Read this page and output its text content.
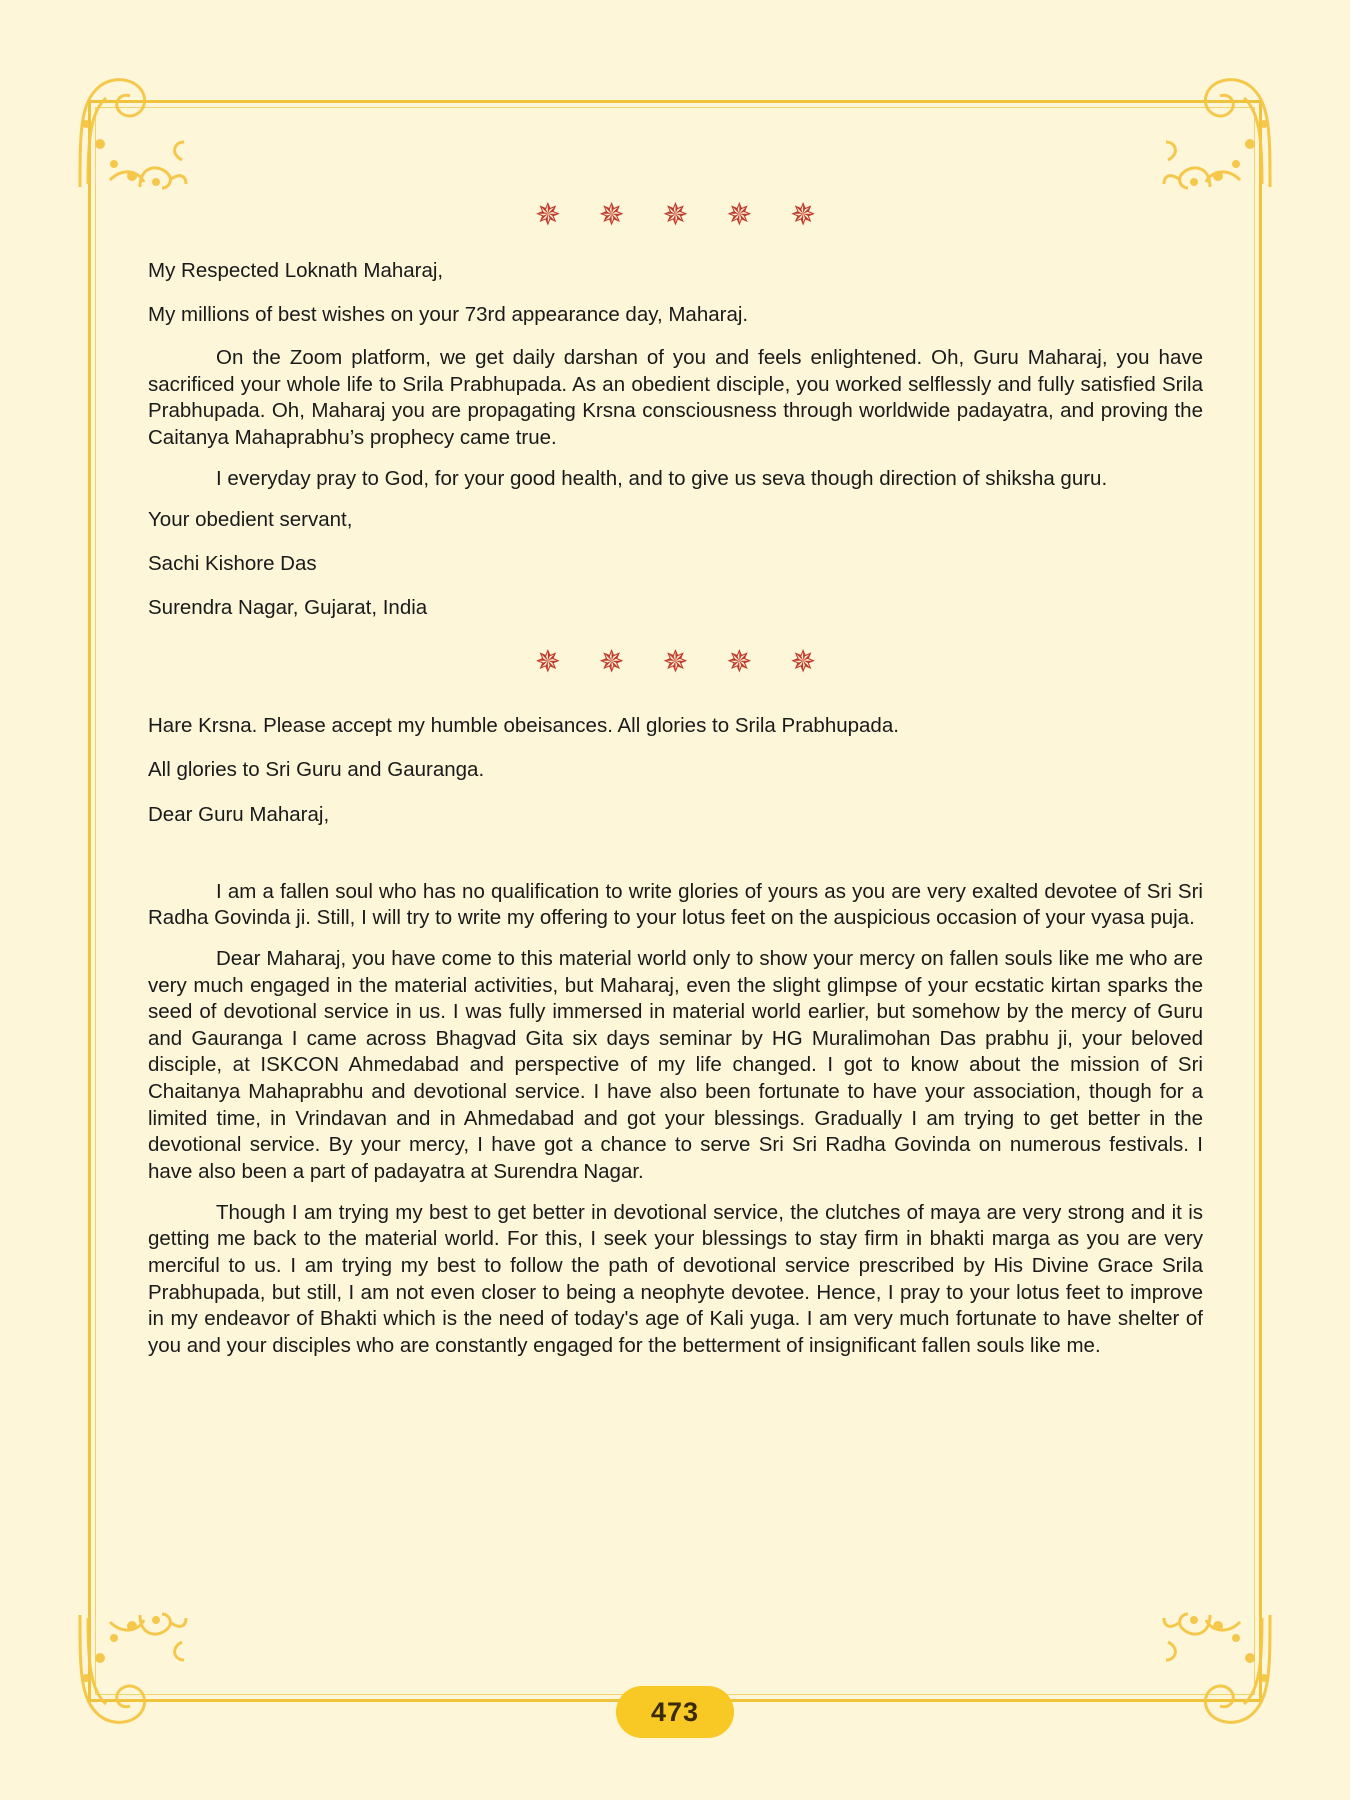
✵ ✵ ✵ ✵ ✵

My Respected Loknath Maharaj,

My millions of best wishes on your 73rd appearance day, Maharaj.

On the Zoom platform, we get daily darshan of you and feels enlightened. Oh, Guru Maharaj, you have sacrificed your whole life to Srila Prabhupada. As an obedient disciple, you worked selflessly and fully satisfied Srila Prabhupada. Oh, Maharaj you are propagating Krsna consciousness through worldwide padayatra, and proving the Caitanya Mahaprabhu’s prophecy came true.

I everyday pray to God, for your good health, and to give us seva though direction of shiksha guru.

Your obedient servant,

Sachi Kishore Das

Surendra Nagar, Gujarat, India

✵ ✵ ✵ ✵ ✵

Hare Krsna. Please accept my humble obeisances. All glories to Srila Prabhupada.

All glories to Sri Guru and Gauranga.

Dear Guru Maharaj,

I am a fallen soul who has no qualification to write glories of yours as you are very exalted devotee of Sri Sri Radha Govinda ji. Still, I will try to write my offering to your lotus feet on the auspicious occasion of your vyasa puja.

Dear Maharaj, you have come to this material world only to show your mercy on fallen souls like me who are very much engaged in the material activities, but Maharaj, even the slight glimpse of your ecstatic kirtan sparks the seed of devotional service in us. I was fully immersed in material world earlier, but somehow by the mercy of Guru and Gauranga I came across Bhagvad Gita six days seminar by HG Muralimohan Das prabhu ji, your beloved disciple, at ISKCON Ahmedabad and perspective of my life changed. I got to know about the mission of Sri Chaitanya Mahaprabhu and devotional service. I have also been fortunate to have your association, though for a limited time, in Vrindavan and in Ahmedabad and got your blessings. Gradually I am trying to get better in the devotional service. By your mercy, I have got a chance to serve Sri Sri Radha Govinda on numerous festivals. I have also been a part of padayatra at Surendra Nagar.

Though I am trying my best to get better in devotional service, the clutches of maya are very strong and it is getting me back to the material world. For this, I seek your blessings to stay firm in bhakti marga as you are very merciful to us. I am trying my best to follow the path of devotional service prescribed by His Divine Grace Srila Prabhupada, but still, I am not even closer to being a neophyte devotee. Hence, I pray to your lotus feet to improve in my endeavor of Bhakti which is the need of today's age of Kali yuga. I am very much fortunate to have shelter of you and your disciples who are constantly engaged for the betterment of insignificant fallen souls like me.

473
